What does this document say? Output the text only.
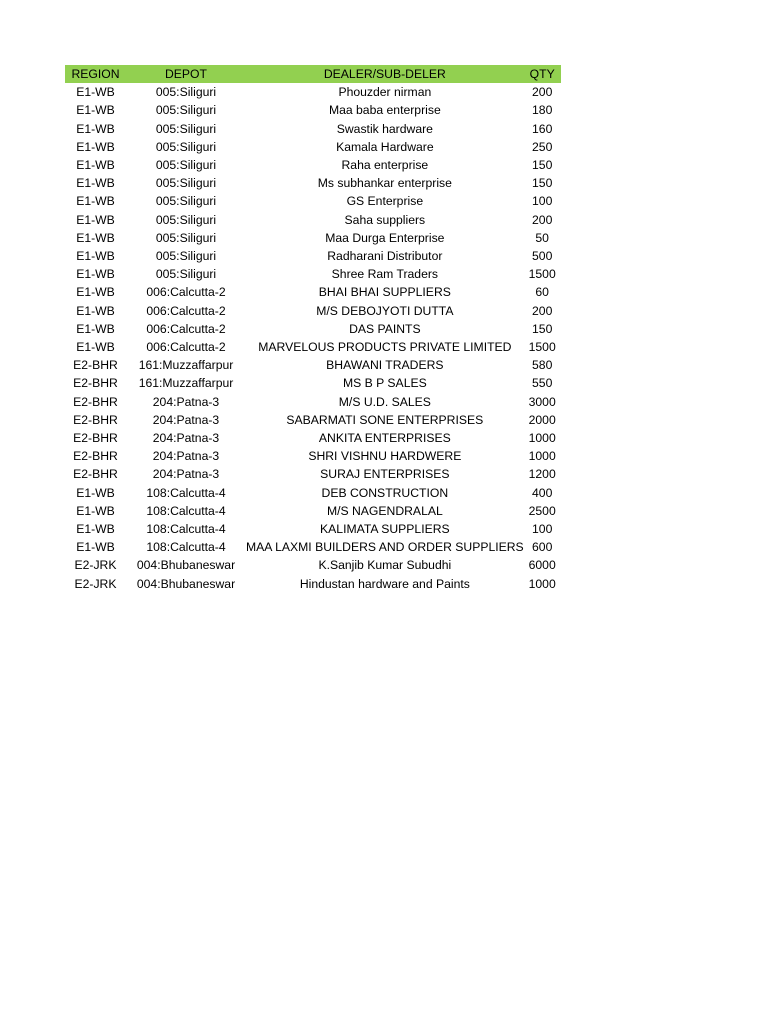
REGION	DEPOT	DEALER/SUB-DELER	QTY
E1-WB	005:Siliguri	Phouzder nirman	200
E1-WB	005:Siliguri	Maa baba enterprise	180
E1-WB	005:Siliguri	Swastik hardware	160
E1-WB	005:Siliguri	Kamala Hardware	250
E1-WB	005:Siliguri	Raha enterprise	150
E1-WB	005:Siliguri	Ms subhankar enterprise	150
E1-WB	005:Siliguri	GS Enterprise	100
E1-WB	005:Siliguri	Saha suppliers	200
E1-WB	005:Siliguri	Maa Durga Enterprise	50
E1-WB	005:Siliguri	Radharani Distributor	500
E1-WB	005:Siliguri	Shree Ram Traders	1500
E1-WB	006:Calcutta-2	BHAI BHAI SUPPLIERS	60
E1-WB	006:Calcutta-2	M/S DEBOJYOTI DUTTA	200
E1-WB	006:Calcutta-2	DAS PAINTS	150
E1-WB	006:Calcutta-2	MARVELOUS PRODUCTS PRIVATE LIMITED	1500
E2-BHR	161:Muzzaffarpur	BHAWANI TRADERS	580
E2-BHR	161:Muzzaffarpur	MS B P SALES	550
E2-BHR	204:Patna-3	M/S U.D. SALES	3000
E2-BHR	204:Patna-3	SABARMATI SONE ENTERPRISES	2000
E2-BHR	204:Patna-3	ANKITA ENTERPRISES	1000
E2-BHR	204:Patna-3	SHRI VISHNU HARDWERE	1000
E2-BHR	204:Patna-3	SURAJ ENTERPRISES	1200
E1-WB	108:Calcutta-4	DEB CONSTRUCTION	400
E1-WB	108:Calcutta-4	M/S NAGENDRALAL	2500
E1-WB	108:Calcutta-4	KALIMATA SUPPLIERS	100
E1-WB	108:Calcutta-4	MAA LAXMI BUILDERS AND ORDER SUPPLIERS	600
E2-JRK	004:Bhubaneswar	K.Sanjib Kumar Subudhi	6000
E2-JRK	004:Bhubaneswar	Hindustan hardware and Paints	1000
